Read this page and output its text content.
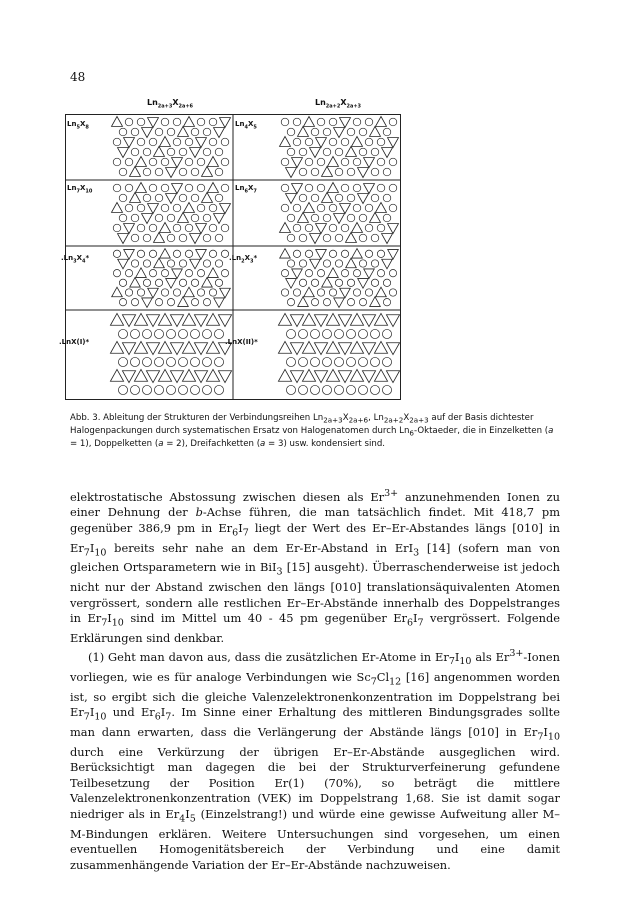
48
$Ln_{2a+3}X_{2a+6}$	$Ln_{2a+2}X_{2a+3}$
$Ln_5X_8$	$Ln_4X_5$
$Ln_7X_{10}$	$Ln_6X_7$
$.Ln_3X_4*$	$.Ln_2X_3*$
.LnX(I)*	.LnX(II)*

Abb. 3. Ableitung der Strukturen der Verbindungsreihen $Ln_{2a+3}X_{2a+6}$, $Ln_{2a+2}X_{2a+3}$ auf der Basis dichtester Halogenpackungen durch systematischen Ersatz von Halogenatomen durch $Ln_6$-Oktaeder, die in Einzelketten (a = 1), Doppelketten (a = 2), Dreifachketten (a = 3) usw. kondensiert sind.

elektrostatische Abstossung zwischen diesen als $Er^{3+}$ anzunehmenden Ionen zu einer Dehnung der b-Achse führen, die man tatsächlich findet. Mit 418,7 pm gegenüber 386,9 pm in $Er_6I_7$ liegt der Wert des Er–Er-Abstandes längs [010] in $Er_7I_{10}$ bereits sehr nahe an dem Er-Er-Abstand in ErI$_3$ [14] (sofern man von gleichen Ortsparametern wie in BiI$_3$ [15] ausgeht). Überraschenderweise ist jedoch nicht nur der Abstand zwischen den längs [010] translationsäquivalenten Atomen vergrössert, sondern alle restlichen Er–Er-Abstände innerhalb des Doppelstranges in $Er_7I_{10}$ sind im Mittel um 40 - 45 pm gegenüber $Er_6I_7$ vergrössert. Folgende Erklärungen sind denkbar.

(1) Geht man davon aus, dass die zusätzlichen Er-Atome in $Er_7I_{10}$ als $Er^{3+}$-Ionen vorliegen, wie es für analoge Verbindungen wie $Sc_7Cl_{12}$ [16] angenommen worden ist, so ergibt sich die gleiche Valenzelektronenkonzentration im Doppelstrang bei $Er_7I_{10}$ und $Er_6I_7$. Im Sinne einer Erhaltung des mittleren Bindungsgrades sollte man dann erwarten, dass die Verlängerung der Abstände längs [010] in $Er_7I_{10}$ durch eine Verkürzung der übrigen Er–Er-Abstände ausgeglichen wird. Berücksichtigt man dagegen die bei der Strukturverfeinerung gefundene Teilbesetzung der Position Er(1) (70%), so beträgt die mittlere Valenzelektronenkonzentration (VEK) im Doppelstrang 1,68. Sie ist damit sogar niedriger als in $Er_4I_5$ (Einzelstrang!) und würde eine gewisse Aufweitung aller M–M-Bindungen erklären. Weitere Untersuchungen sind vorgesehen, um einen eventuellen Homogenitätsbereich der Verbindung und eine damit zusammenhängende Variation der Er–Er-Abstände nachzuweisen.
